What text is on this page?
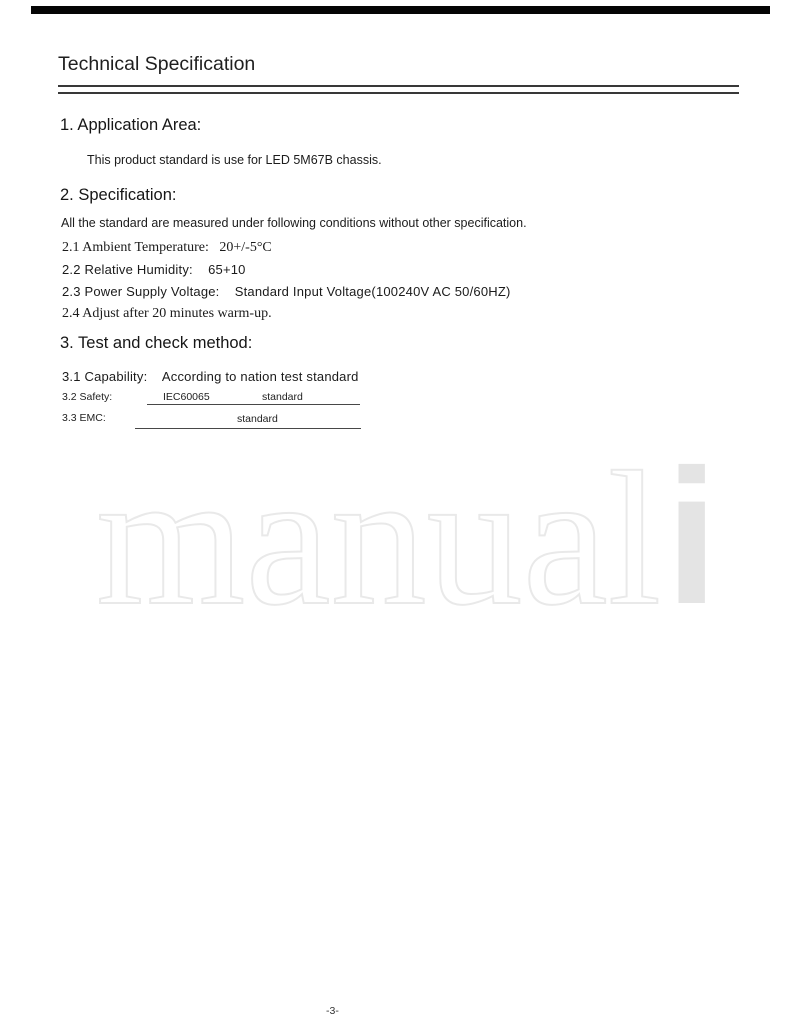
Technical Specification
1. Application Area:
This product standard is use for LED 5M67B chassis.
2. Specification:
All the standard are measured under following conditions without other specification.
2.1 Ambient Temperature:   20+/-5°C
2.2 Relative Humidity:    65+10
2.3 Power Supply Voltage:    Standard Input Voltage(100240V AC 50/60HZ)
2.4 Adjust after 20 minutes warm-up.
3. Test and check method:
3.1 Capability:    According to nation test standard
3.2 Safety:	IEC60065	standard
3.3 EMC:	standard
manuali
-3-
